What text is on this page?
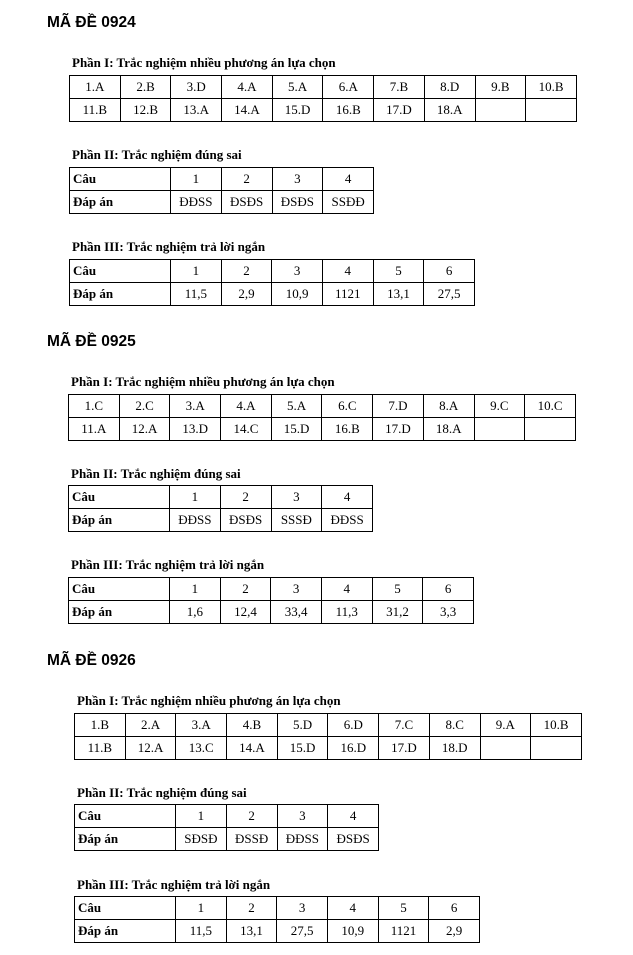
MÃ ĐỀ 0924
Phần I: Trắc nghiệm nhiều phương án lựa chọn
1.A	2.B	3.D	4.A	5.A	6.A	7.B	8.D	9.B	10.B
11.B	12.B	13.A	14.A	15.D	16.B	17.D	18.A		
Phần II: Trắc nghiệm đúng sai
Câu	1	2	3	4
Đáp án	ĐĐSS	ĐSĐS	ĐSĐS	SSĐĐ
Phần III: Trắc nghiệm trả lời ngắn
Câu	1	2	3	4	5	6
Đáp án	11,5	2,9	10,9	1121	13,1	27,5
MÃ ĐỀ 0925
Phần I: Trắc nghiệm nhiều phương án lựa chọn
1.C	2.C	3.A	4.A	5.A	6.C	7.D	8.A	9.C	10.C
11.A	12.A	13.D	14.C	15.D	16.B	17.D	18.A		
Phần II: Trắc nghiệm đúng sai
Câu	1	2	3	4
Đáp án	ĐĐSS	ĐSĐS	SSSĐ	ĐĐSS
Phần III: Trắc nghiệm trả lời ngắn
Câu	1	2	3	4	5	6
Đáp án	1,6	12,4	33,4	11,3	31,2	3,3
MÃ ĐỀ 0926
Phần I: Trắc nghiệm nhiều phương án lựa chọn
1.B	2.A	3.A	4.B	5.D	6.D	7.C	8.C	9.A	10.B
11.B	12.A	13.C	14.A	15.D	16.D	17.D	18.D		
Phần II: Trắc nghiệm đúng sai
Câu	1	2	3	4
Đáp án	SĐSĐ	ĐSSĐ	ĐĐSS	ĐSĐS
Phần III: Trắc nghiệm trả lời ngắn
Câu	1	2	3	4	5	6
Đáp án	11,5	13,1	27,5	10,9	1121	2,9
